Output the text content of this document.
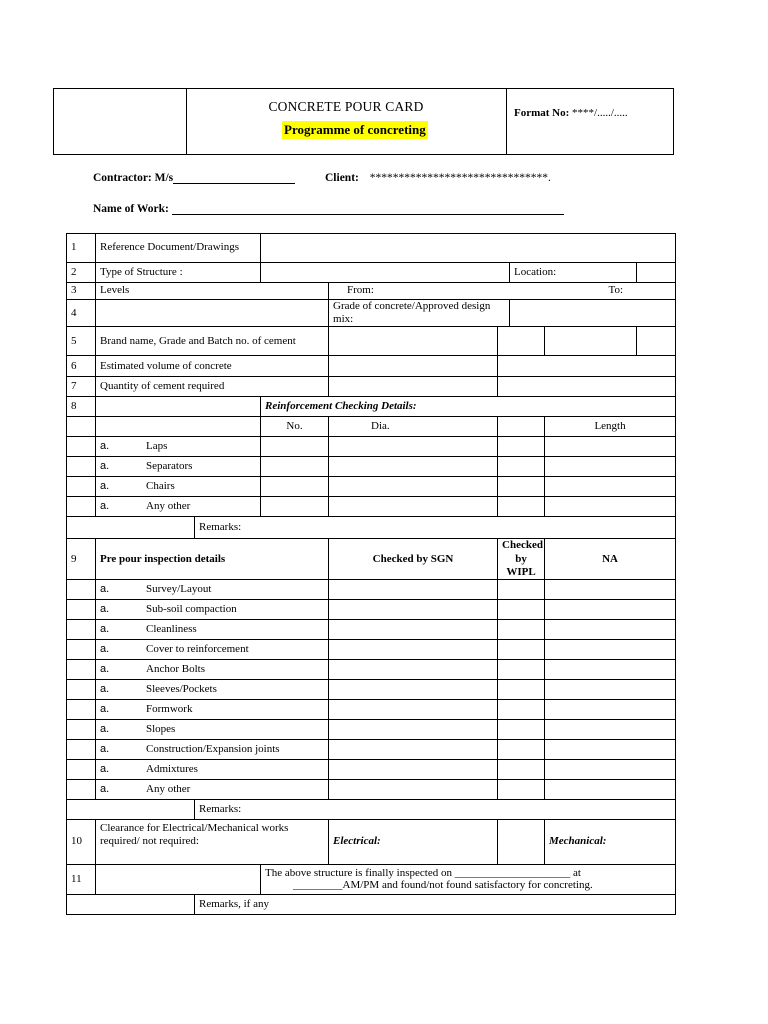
CONCRETE POUR CARD
Programme of concreting
Format No: ****/...../.....
Contractor: M/s	Client: *******************************.
Name of Work:
1	Reference Document/Drawings							
2	Type of Structure :					Location:		
3	Levels			From: To:				

4				Grade of concrete/Approved design mix:				
5	Brand name, Grade and Batch no. of cement							
6	Estimated volume of concrete							
7	Quantity of cement required							
8			Reinforcement Checking Details:					
			No.	Dia.			Length	

	a. Laps							

	a. Separators							

	a. Chairs							

	a. Any other							

		Remarks:						
9	Pre pour inspection details			Checked by SGN	Checked by WIPL		NA	

	a. Survey/Layout							

	a. Sub-soil compaction							

	a. Cleanliness							

	a. Cover to reinforcement							

	a. Anchor Bolts							

	a. Sleeves/Pockets							

	a. Formwork							

	a. Slopes							

	a. Construction/Expansion joints							

	a. Admixtures							

	a. Any other							

		Remarks:						
10	Clearance for Electrical/Mechanical works required/ not required:			Electrical:			Mechanical:	
11			The above structure is finally inspected on _____________________ at
_________AM/PM and found/not found satisfactory for concreting.					

		Remarks, if any						
